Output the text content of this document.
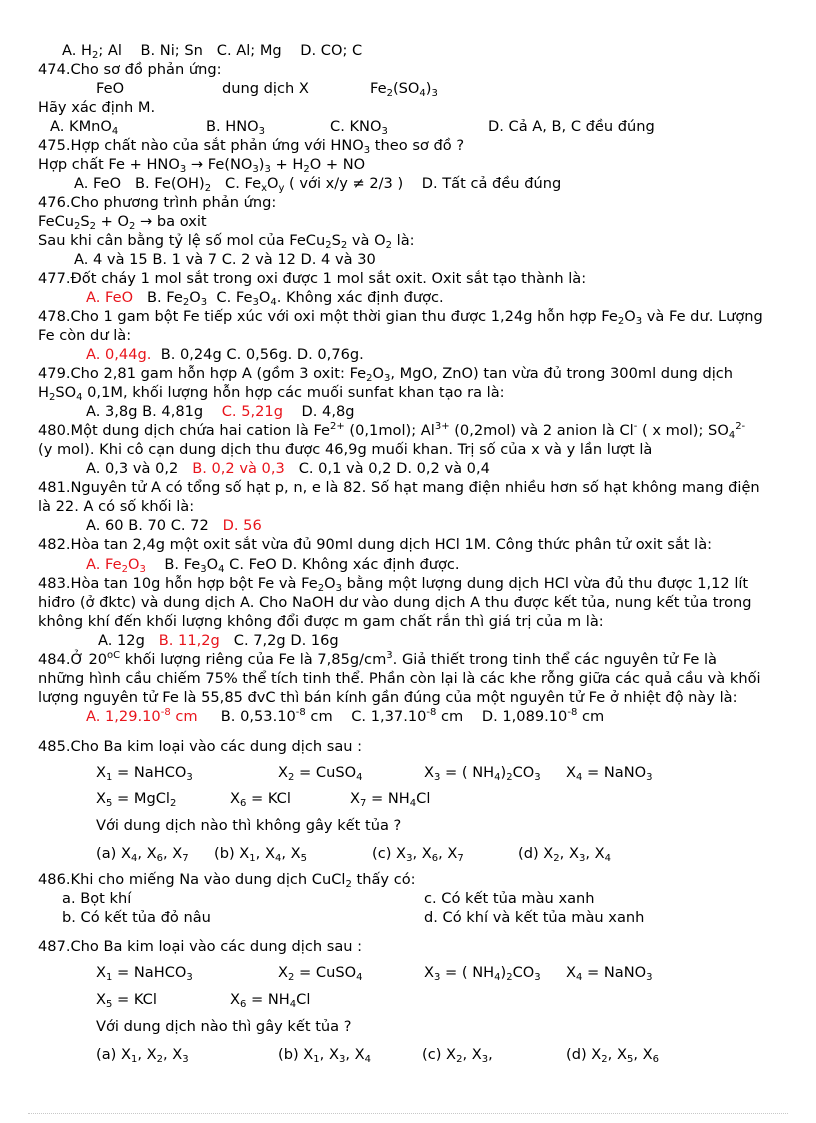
A. $H_2$; Al B. Ni; Sn C. Al; Mg D. CO; C
474.Cho sơ đồ phản ứng:
FeO	dung dịch X	$Fe_2(SO_4)_3$
Hãy xác định M.
A. KMnO$_4$	B. $HNO_3$	C. $KNO_3$	D. Cả A, B, C đều đúng
475.Hợp chất nào của sắt phản ứng với $HNO_3$ theo sơ đồ ?
Hợp chất $Fe + HNO_3 \to Fe(NO_3)_3 + H_2O$ + NO
A. FeO B. $Fe(OH)_2$ C. $Fe_xO_y$ ( với x/y ≠ 2/3 ) D. Tất cả đều đúng
476.Cho phương trình phản ứng:
$FeCu_2S_2 + O_2$ → ba oxit
Sau khi cân bằng tỷ lệ số mol của $FeCu_2S_2$ và $O_2$ là:
A. 4 và 15 B. 1 và 7 C. 2 và 12 D. 4 và 30
477.Đốt cháy 1 mol sắt trong oxi được 1 mol sắt oxit. Oxit sắt tạo thành là:
A. FeO B. $Fe_2O_3$ C. $Fe_3O_4$. Không xác định được.
478.Cho 1 gam bột Fe tiếp xúc với oxi một thời gian thu được 1,24g hỗn hợp $Fe_2O_3$ và Fe dư. Lượng
Fe còn dư là:
A. 0,44g. B. 0,24g C. 0,56g. D. 0,76g.
479.Cho 2,81 gam hỗn hợp A (gồm 3 oxit: $Fe_2O_3$, MgO, ZnO) tan vừa đủ trong 300ml dung dịch
$H_2SO_4$ 0,1M, khối lượng hỗn hợp các muối sunfat khan tạo ra là:
A. 3,8g B. 4,81g C. 5,21g D. 4,8g
480.Một dung dịch chứa hai cation là $Fe^{2+}$ (0,1mol); $Al^{3+}$ (0,2mol) và 2 anion là Cl- ( x mol); $SO_4^{2-}$
(y mol). Khi cô cạn dung dịch thu được 46,9g muối khan. Trị số của x và y lần lượt là
A. 0,3 và 0,2 B. 0,2 và 0,3 C. 0,1 và 0,2 D. 0,2 và 0,4
481.Nguyên tử A có tổng số hạt p, n, e là 82. Số hạt mang điện nhiều hơn số hạt không mang điện
là 22. A có số khối là:
A. 60 B. 70 C. 72 D. 56
482.Hòa tan 2,4g một oxit sắt vừa đủ 90ml dung dịch HCl 1M. Công thức phân tử oxit sắt là:
A. $Fe_2O_3$ B. $Fe_3O_4$ C. FeO D. Không xác định được.
483.Hòa tan 10g hỗn hợp bột Fe và $Fe_2O_3$ bằng một lượng dung dịch HCl vừa đủ thu được 1,12 lít
hiđro (ở đktc) và dung dịch A. Cho NaOH dư vào dung dịch A thu được kết tủa, nung kết tủa trong
không khí đến khối lượng không đổi được m gam chất rắn thì giá trị của m là:
A. 12g B. 11,2g C. 7,2g D. 16g
484.Ở $20^{oC}$ khối lượng riêng của Fe là $7,85g/cm^3$. Giả thiết trong tinh thể các nguyên tử Fe là
những hình cầu chiếm 75% thể tích tinh thể. Phần còn lại là các khe rỗng giữa các quả cầu và khối
lượng nguyên tử Fe là 55,85 đvC thì bán kính gần đúng của một nguyên tử Fe ở nhiệt độ này là:
A. $1,29.10^{-8}$ cm B. $0,53.10^{-8}$ cm C. $1,37.10^{-8}$ cm D. $1,089.10^{-8}$ cm
485.Cho Ba kim loại vào các dung dịch sau :
$X_1$ = NaHCO$_3$	$X_2$ = CuSO$_4$	$X_3$ = ( $NH_4)_2CO_3$ $X_4$ = NaNO$_3$
$X_5$ = MgCl$_2$	$X_6$ = KCl	$X_7 = NH_4Cl$
Với dung dịch nào thì không gây kết tủa ?
(a) $X_4$, $X_6$, $X_7$ (b) $X_1$, $X_4$, $X_5$	(c) $X_3$, $X_6$, $X_7$	(d) $X_2$, $X_3$, $X_4$
486.Khi cho miếng Na vào dung dịch CuCl$_2$ thấy có:
a. Bọt khí	c. Có kết tủa màu xanh
b. Có kết tủa đỏ nâu	d. Có khí và kết tủa màu xanh
487.Cho Ba kim loại vào các dung dịch sau :
$X_1$ = NaHCO$_3$	$X_2$ = CuSO$_4$	$X_3$ = ( $NH_4)_2CO_3$ $X_4$ = NaNO$_3$
$X_5$ = KCl	$X_6 = NH_4Cl$
Với dung dịch nào thì gây kết tủa ?
(a) $X_1$, $X_2$, $X_3$	(b) $X_1$, $X_3$, $X_4$	(c) $X_2$, $X_3$,	(d) $X_2$, $X_5$, $X_6$
